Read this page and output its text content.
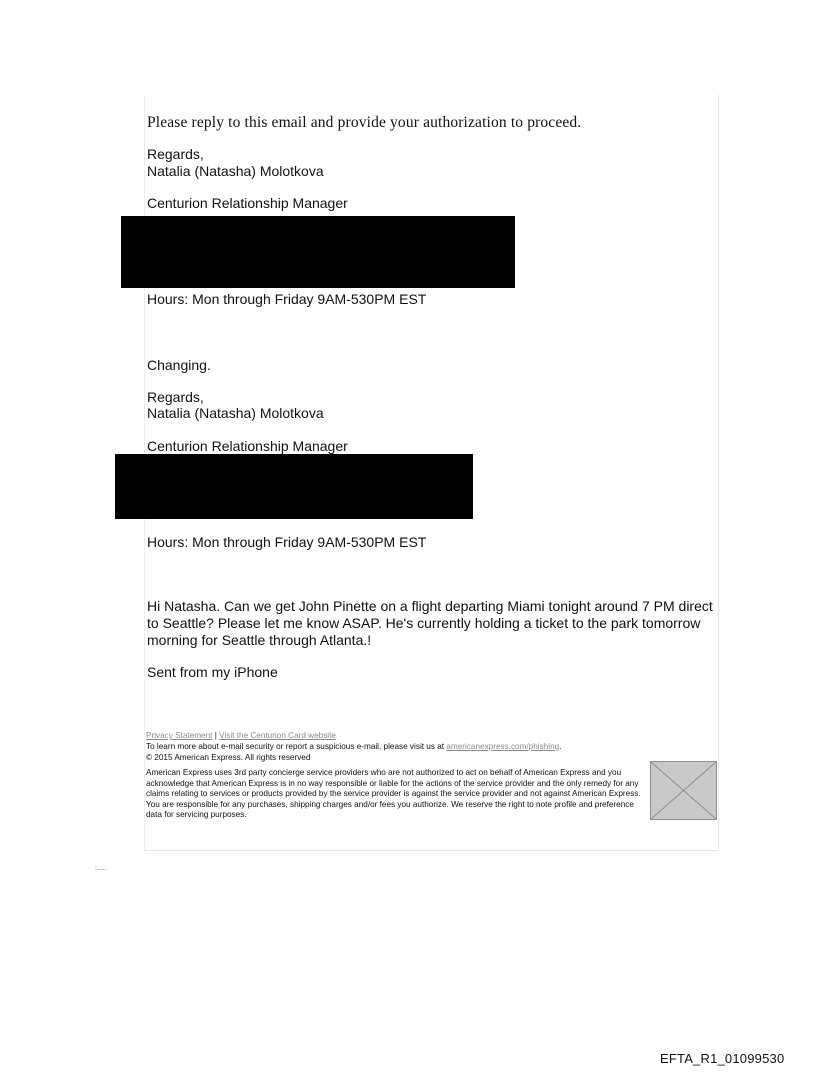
Please reply to this email and provide your authorization to proceed.
Regards,
Natalia (Natasha) Molotkova
Centurion Relationship Manager
Hours: Mon through Friday 9AM-530PM EST
Changing.
Regards,
Natalia (Natasha) Molotkova
Centurion Relationship Manager
Hours: Mon through Friday 9AM-530PM EST
Hi Natasha. Can we get John Pinette on a flight departing Miami tonight around 7 PM direct to Seattle? Please let me know ASAP. He's currently holding a ticket to the park tomorrow morning for Seattle through Atlanta.!
Sent from my iPhone
Privacy Statement | Visit the Centurion Card website
To learn more about e-mail security or report a suspicious e-mail, please visit us at americanexpress.com/phishing.
© 2015 American Express. All rights reserved
American Express uses 3rd party concierge service providers who are not authorized to act on behalf of American Express and you acknowledge that American Express is in no way responsible or liable for the actions of the service provider and the only remedy for any claims relating to services or products provided by the service provider is against the service provider and not against American Express. You are responsible for any purchases, shipping charges and/or fees you authorize. We reserve the right to note profile and preference data for servicing purposes.
:.....
EFTA_R1_01099530
